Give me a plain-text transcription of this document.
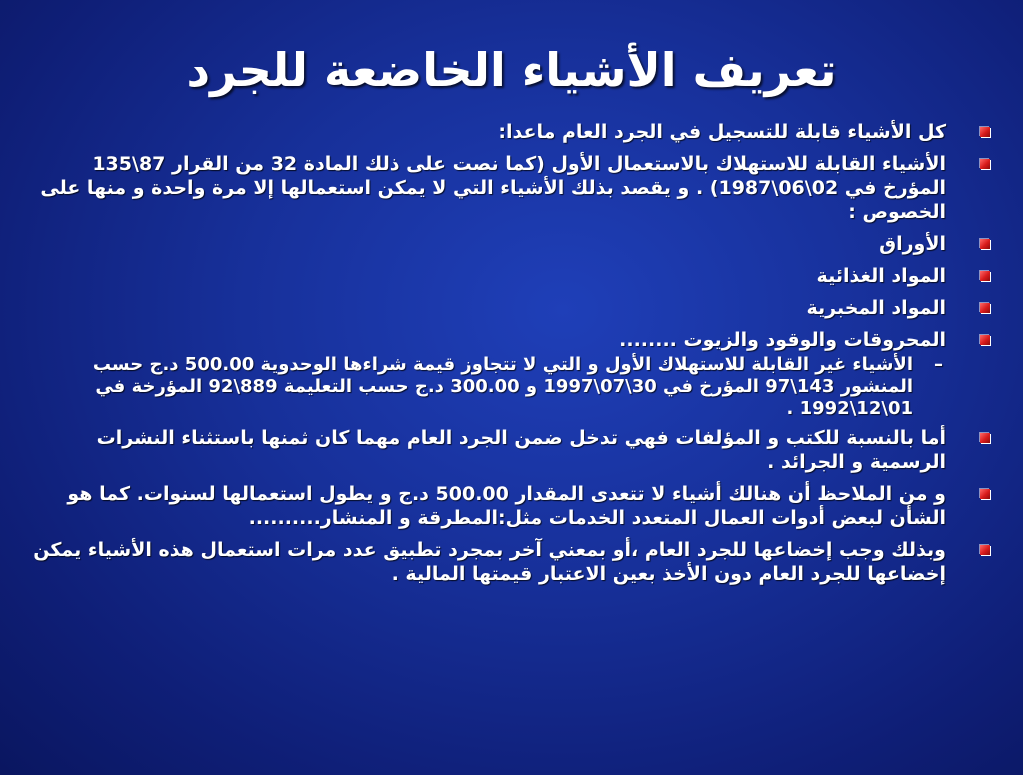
تعريف الأشياء الخاضعة للجرد
كل الأشياء قابلة للتسجيل في الجرد العام ماعدا:
الأشياء القابلة للاستهلاك بالاستعمال الأول (كما نصت على ذلك المادة 32 من القرار 87\135 المؤرخ في 02\06\1987) . و يقصد بذلك الأشياء التي لا يمكن استعمالها إلا مرة واحدة و منها على الخصوص :
الأوراق
المواد الغذائية
المواد المخبرية
المحروقات والوقود والزيوت ........
–
الأشياء غير القابلة للاستهلاك الأول و التي لا تتجاوز قيمة شراءها الوحدوية 500.00 د.ج حسب المنشور 143\97 المؤرخ في 30\07\1997 و 300.00 د.ج حسب التعليمة 889\92 المؤرخة في 01\12\1992 .
أما بالنسبة للكتب و المؤلفات فهي تدخل ضمن الجرد العام مهما كان ثمنها باستثناء النشرات الرسمية و الجرائد .
و من الملاحظ أن هنالك أشياء لا تتعدى المقدار 500.00 د.ج و يطول استعمالها لسنوات. كما هو الشأن لبعض أدوات العمال المتعدد الخدمات مثل:المطرقة و المنشار..........
وبذلك وجب إخضاعها للجرد العام ،أو بمعني آخر بمجرد تطبيق عدد مرات استعمال هذه الأشياء يمكن إخضاعها للجرد العام دون الأخذ بعين الاعتبار قيمتها المالية .
